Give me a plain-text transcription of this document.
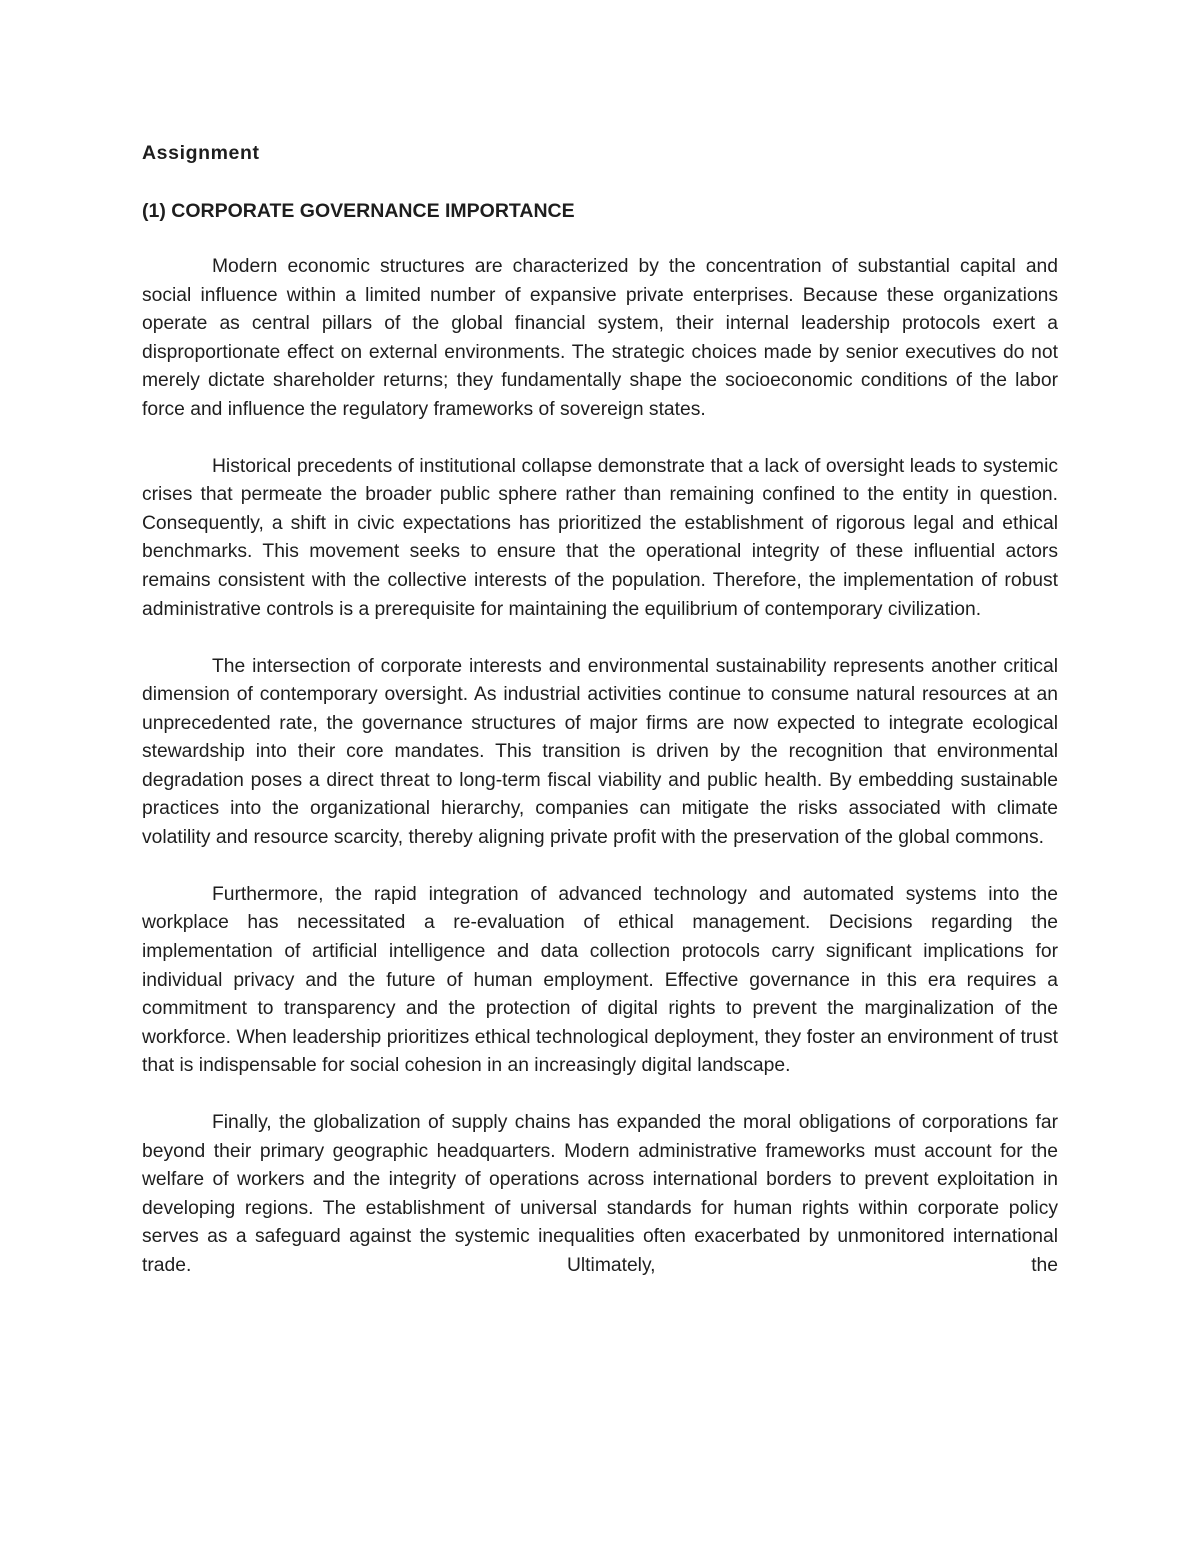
Assignment
(1) CORPORATE GOVERNANCE IMPORTANCE

Modern economic structures are characterized by the concentration of substantial capital and social influence within a limited number of expansive private enterprises. Because these organizations operate as central pillars of the global financial system, their internal leadership protocols exert a disproportionate effect on external environments. The strategic choices made by senior executives do not merely dictate shareholder returns; they fundamentally shape the socioeconomic conditions of the labor force and influence the regulatory frameworks of sovereign states.

Historical precedents of institutional collapse demonstrate that a lack of oversight leads to systemic crises that permeate the broader public sphere rather than remaining confined to the entity in question. Consequently, a shift in civic expectations has prioritized the establishment of rigorous legal and ethical benchmarks. This movement seeks to ensure that the operational integrity of these influential actors remains consistent with the collective interests of the population. Therefore, the implementation of robust administrative controls is a prerequisite for maintaining the equilibrium of contemporary civilization.

The intersection of corporate interests and environmental sustainability represents another critical dimension of contemporary oversight. As industrial activities continue to consume natural resources at an unprecedented rate, the governance structures of major firms are now expected to integrate ecological stewardship into their core mandates. This transition is driven by the recognition that environmental degradation poses a direct threat to long-term fiscal viability and public health. By embedding sustainable practices into the organizational hierarchy, companies can mitigate the risks associated with climate volatility and resource scarcity, thereby aligning private profit with the preservation of the global commons.

Furthermore, the rapid integration of advanced technology and automated systems into the workplace has necessitated a re-evaluation of ethical management. Decisions regarding the implementation of artificial intelligence and data collection protocols carry significant implications for individual privacy and the future of human employment. Effective governance in this era requires a commitment to transparency and the protection of digital rights to prevent the marginalization of the workforce. When leadership prioritizes ethical technological deployment, they foster an environment of trust that is indispensable for social cohesion in an increasingly digital landscape.

Finally, the globalization of supply chains has expanded the moral obligations of corporations far beyond their primary geographic headquarters. Modern administrative frameworks must account for the welfare of workers and the integrity of operations across international borders to prevent exploitation in developing regions. The establishment of universal standards for human rights within corporate policy serves as a safeguard against the systemic inequalities often exacerbated by unmonitored international trade. Ultimately, the
